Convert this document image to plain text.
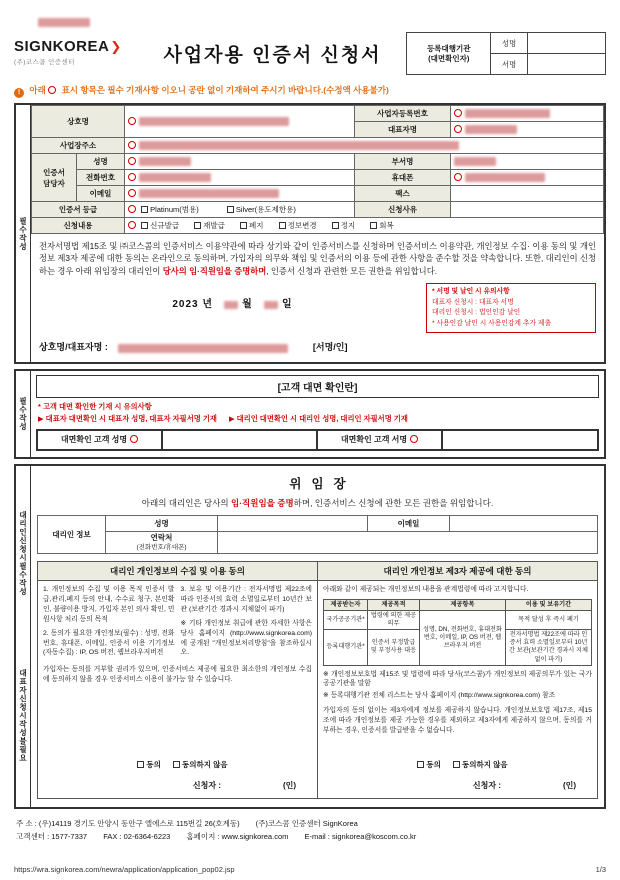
SIGNKOREA❯
(주)코스콤 인증센터	사업자용 인증서 신청서	등록대행기관
(대면확인자)	성명	
	서명	
! 아래 표시 항목은 필수 기재사항 이오니 공란 없이 기재하여 주시기 바랍니다.(수정액 사용불가)
필수작성
상호명			사업자등록번호	
			대표자명	
사업장주소				
인증서
담당자	성명		부서명	
	전화번호		휴대폰	
	이메일		팩스	
인증서 등급		Platinum(범용) Silver(용도제한용)	신청사유	
신청내용		신규발급 재발급 폐지 정보변경 정지 회복		

전자서명법 제15조 및 ㈜코스콤의 인증서비스 이용약관에 따라 상기와 같이 인증서비스를 신청하며 인증서비스 이용약관, 개인정보 수집· 이용 동의 및 개인정보 제3자 제공에 대한 동의는 온라인으로 동의하며, 가입자의 의무와 책임 및 인증서의 이용 등에 관한 사항을 준수할 것을 약속합니다. 또한, 대리인이 신청하는 경우 아래 위임장의 대리인이 당사의 임·직원임을 증명하며, 인증서 신청과 관련한 모든 권한을 위임합니다.

2023 년	월	일
* 서명 및 날인 시 유의사항
대표자 신청시 : 대표자 서명
대리인 신청시 : 법인인감 날인
* 사용인감 날인 시 사용인감계 추가 제출
상호명/대표자명 :	[서명/인]
필수작성
[고객 대면 확인란]
* 고객 대면 확인한 기재 시 유의사항
▶ 대표자 대면확인 시 대표자 성명, 대표자 자필서명 기재 ▶ 대리인 대면확인 시 대리인 성명, 대리인 자필서명 기재
대면확인 고객 성명		대면확인 고객 서명	
대리인신청시필수작성
대표자신청시작성불필요
위임장
아래의 대리인은 당사의 임·직원임을 증명하며, 인증서비스 신청에 관한 모든 권한을 위임합니다.
대리인 정보	성명		이메일	
	연락처
(전화번호/휴대폰)			
대리인 개인정보의 수집 및 이용 동의

1. 개인정보의 수집 및 이용 목적 인증서 발급,관리,폐지 등의 안내, 수수료 청구, 본인확인, 불량이용 방지, 가입자 본인 의사 확인, 민원사항 처리 등의 목적

2. 동의가 필요한 개인정보(필수) : 성명, 전화번호, 휴대폰, 이메일, 인증서 이용 기기정보(자동수집) : IP, OS 버전, 웹브라우저버전

3. 보유 및 이용기간 : 전자서명법 제22조에 따라 인증서의 효력 소멸일로부터 10년간 보관 (보관기간 경과시 지체없이 파기)

※ 기타 개인정보 취급에 관한 자세한 사항은 당사 홈페이지 (http://www.signkorea.com)에 공개된 "개인정보처리방침"을 참조하십시오.

가입자는 동의를 거부할 권리가 있으며, 인증서비스 제공에 필요한 최소한의 개인정보 수집에 동의하지 않을 경우 인증서비스 이용이 불가능 할 수 있습니다.

동의	동의하지 않음
신청자 :	(인)
대리인 개인정보 제3자 제공에 대한 동의

아래와 같이 제공되는 개인정보의 내용을 관계법령에 따라 고지합니다.

제공받는자	제공목적	제공항목	이용 및 보유기간
국가공공기관*	법령에 의한 제공 의무	성명, DN, 전화번호, 휴대전화번호, 이메일, IP, OS 버전, 웹브라우저 버전	목적 달성 후 즉시 폐기
등록대행기관*	인증서 부정발급 및 부정사용 대응		전자서명법 제22조에 따라 인증서 효력 소멸일로부터 10년간 보관(보관기간 경과시 지체 없이 파기)

※ 개인정보보호법 제15조 및 법령에 따라 당사(코스콤)가 개인정보의 제공의무가 있는 국가공공기관을 말함

※ 등록대행기관 전체 리스트는 당사 홈페이지 (http://www.signkorea.com) 참조

가입자의 동의 없이는 제3자에게 정보를 제공하지 않습니다. 개인정보보호법 제17조, 제15조에 따라 개인정보를 제공 가능한 경우를 제외하고 제3자에게 제공하지 않으며, 동의를 거부하는 경우, 인증서를 발급받을 수 없습니다.

동의	동의하지 않음
신청자 :	(인)
주 소 : (우)14119 경기도 안양시 동안구 엘에스로 115번길 26(호계동) (주)코스콤 인증센터 SignKorea
고객센터 : 1577-7337 FAX : 02-6364-6223 홈페이지 : www.signkorea.com E-mail : signkorea@koscom.co.kr
https://wra.signkorea.com/newra/application/application_pop02.jsp	1/3
